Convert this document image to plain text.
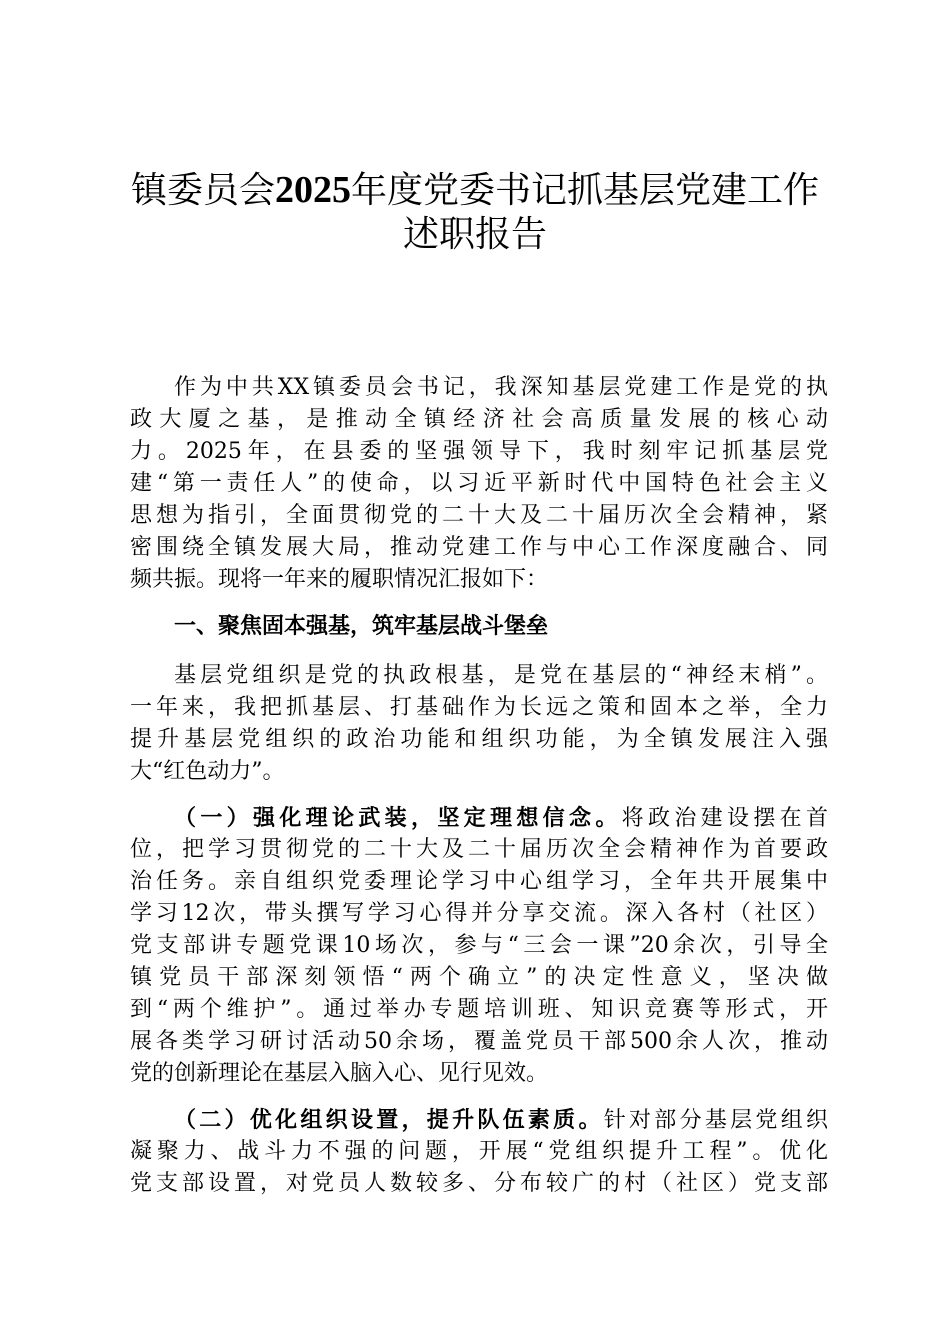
镇委员会2025年度党委书记抓基层党建工作
述职报告
作为中共XX镇委员会书记，我深知基层党建工作是党的执
政大厦之基，是推动全镇经济社会高质量发展的核心动
力。2025年，在县委的坚强领导下，我时刻牢记抓基层党
建“第一责任人”的使命，以习近平新时代中国特色社会主义
思想为指引，全面贯彻党的二十大及二十届历次全会精神，紧
密围绕全镇发展大局，推动党建工作与中心工作深度融合、同
频共振。现将一年来的履职情况汇报如下：
一、聚焦固本强基，筑牢基层战斗堡垒
基层党组织是党的执政根基，是党在基层的“神经末梢”。
一年来，我把抓基层、打基础作为长远之策和固本之举，全力
提升基层党组织的政治功能和组织功能，为全镇发展注入强
大“红色动力”。
（一）强化理论武装，坚定理想信念。将政治建设摆在首
位，把学习贯彻党的二十大及二十届历次全会精神作为首要政
治任务。亲自组织党委理论学习中心组学习，全年共开展集中
学习12次，带头撰写学习心得并分享交流。深入各村（社区）
党支部讲专题党课10场次，参与“三会一课”20余次，引导全
镇党员干部深刻领悟“两个确立”的决定性意义，坚决做
到“两个维护”。通过举办专题培训班、知识竞赛等形式，开
展各类学习研讨活动50余场，覆盖党员干部500余人次，推动
党的创新理论在基层入脑入心、见行见效。
（二）优化组织设置，提升队伍素质。针对部分基层党组织
凝聚力、战斗力不强的问题，开展“党组织提升工程”。优化
党支部设置，对党员人数较多、分布较广的村（社区）党支部
